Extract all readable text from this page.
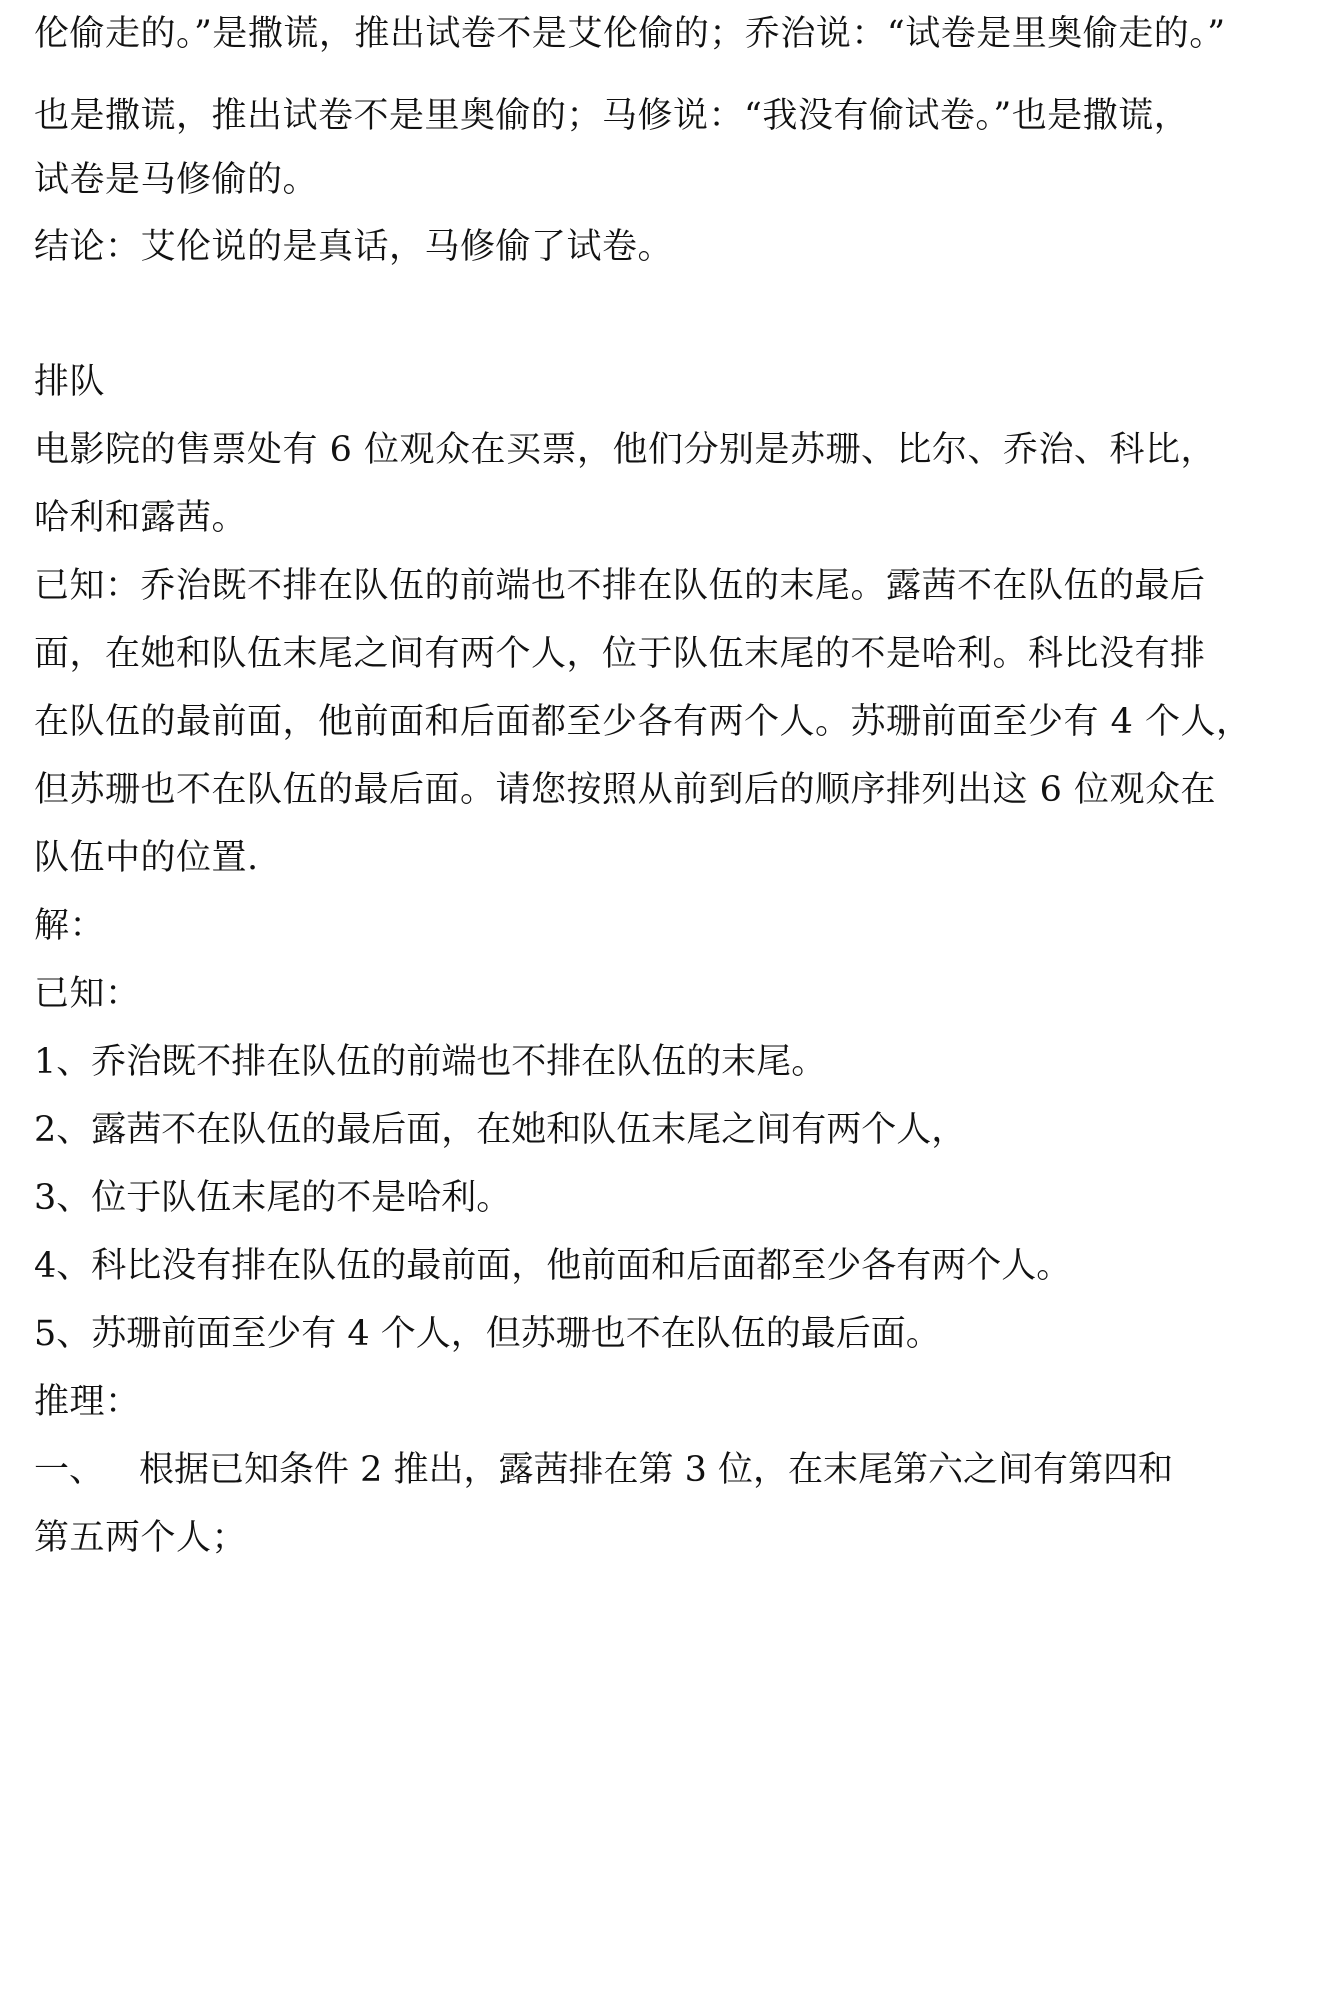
伦偷走的。”是撒谎，推出试卷不是艾伦偷的；乔治说：“试卷是里奥偷走的。”
也是撒谎，推出试卷不是里奥偷的；马修说：“我没有偷试卷。”也是撒谎，
试卷是马修偷的。
结论：艾伦说的是真话，马修偷了试卷。
排队
电影院的售票处有 6 位观众在买票，他们分别是苏珊、比尔、乔治、科比，
哈利和露茜。
已知：乔治既不排在队伍的前端也不排在队伍的末尾。露茜不在队伍的最后
面，在她和队伍末尾之间有两个人，位于队伍末尾的不是哈利。科比没有排
在队伍的最前面，他前面和后面都至少各有两个人。苏珊前面至少有 4 个人，
但苏珊也不在队伍的最后面。请您按照从前到后的顺序排列出这 6 位观众在
队伍中的位置.
解：
已知：
1、乔治既不排在队伍的前端也不排在队伍的末尾。
2、露茜不在队伍的最后面，在她和队伍末尾之间有两个人，
3、位于队伍末尾的不是哈利。
4、科比没有排在队伍的最前面，他前面和后面都至少各有两个人。
5、苏珊前面至少有 4 个人，但苏珊也不在队伍的最后面。
推理：
一、 根据已知条件 2 推出，露茜排在第 3 位，在末尾第六之间有第四和
第五两个人；
